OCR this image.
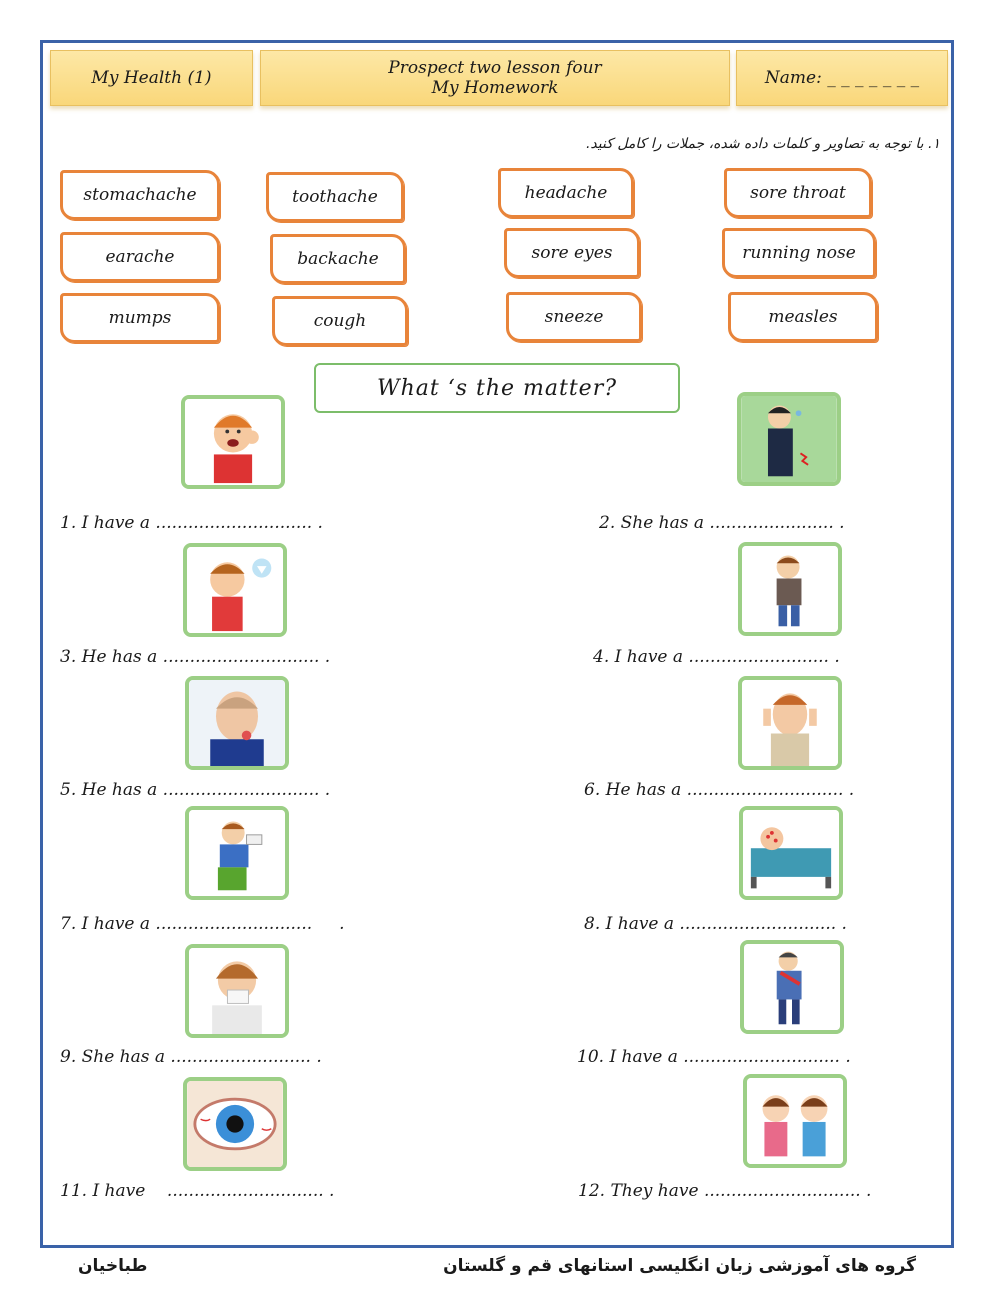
My Health (1)	Prospect two lesson four
My Homework	Name: _ _ _ _ _ _ _
۱. با توجه به تصاویر و کلمات داده شده، جملات را کامل کنید.
stomachache	toothache	headache	sore throat
earache	backache	sore eyes	running nose
mumps	cough	sneeze	measles
What ‘s the matter?
1. I have a ............................. .	2. She has a ....................... .
3. He has a ............................. .	4. I have a .......................... .
5. He has a ............................. .	6. He has a ............................. .
7. I have a .............................     .	8. I have a ............................. .
9. She has a .......................... .	10. I have a ............................. .
11. I have    ............................. .	12. They have ............................. .
گروه های آموزشی زبان انگلیسی استانهای قم و گلستان
طباخیان
